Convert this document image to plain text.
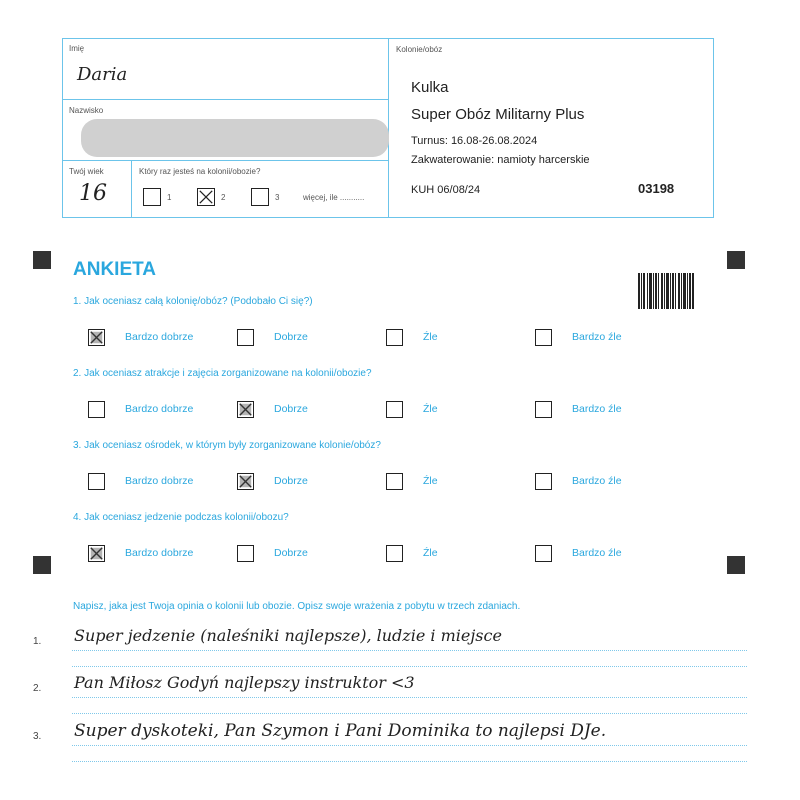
Imię
Daria
Nazwisko
Twój wiek
16
Który raz jesteś na kolonii/obozie?
1	2	3	więcej, ile ...........
Kolonie/obóz
Kulka
Super Obóz Militarny Plus
Turnus: 16.08-26.08.2024
Zakwaterowanie: namioty harcerskie
KUH 06/08/24	03198
ANKIETA
1. Jak oceniasz całą kolonię/obóz? (Podobało Ci się?)
Bardzo dobrze	Dobrze	Źle	Bardzo źle
2. Jak oceniasz atrakcje i zajęcia zorganizowane na kolonii/obozie?
Bardzo dobrze	Dobrze	Źle	Bardzo źle
3. Jak oceniasz ośrodek, w którym były zorganizowane kolonie/obóz?
Bardzo dobrze	Dobrze	Źle	Bardzo źle
4. Jak oceniasz jedzenie podczas kolonii/obozu?
Bardzo dobrze	Dobrze	Źle	Bardzo źle
Napisz, jaka jest Twoja opinia o kolonii lub obozie. Opisz swoje wrażenia z pobytu w trzech zdaniach.
1. Super jedzenie (naleśniki najlepsze), ludzie i miejsce
2. Pan Miłosz Godyń najlepszy instruktor <3
3. Super dyskoteki, Pan Szymon i Pani Dominika to najlepsi DJe.
